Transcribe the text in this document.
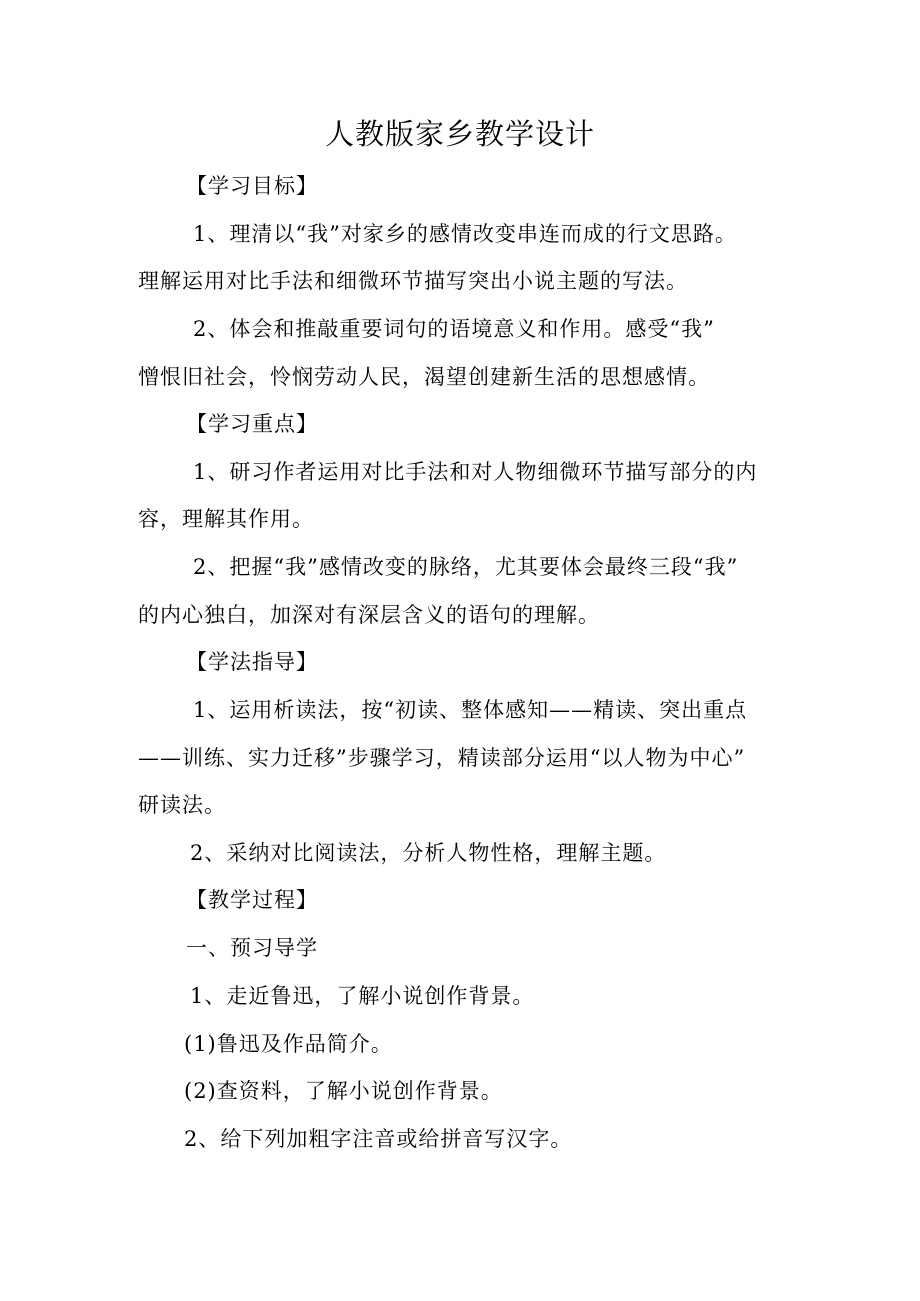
人教版家乡教学设计
【学习目标】
1、理清以“我”对家乡的感情改变串连而成的行文思路。
理解运用对比手法和细微环节描写突出小说主题的写法。
2、体会和推敲重要词句的语境意义和作用。感受“我”
憎恨旧社会，怜悯劳动人民，渴望创建新生活的思想感情。
【学习重点】
1、研习作者运用对比手法和对人物细微环节描写部分的内
容，理解其作用。
2、把握“我”感情改变的脉络，尤其要体会最终三段“我”
的内心独白，加深对有深层含义的语句的理解。
【学法指导】
1、运用析读法，按“初读、整体感知——精读、突出重点
——训练、实力迁移”步骤学习，精读部分运用“以人物为中心”
研读法。
2、采纳对比阅读法，分析人物性格，理解主题。
【教学过程】
一、预习导学
1、走近鲁迅，了解小说创作背景。
(1)鲁迅及作品简介。
(2)查资料，了解小说创作背景。
2、给下列加粗字注音或给拼音写汉字。
